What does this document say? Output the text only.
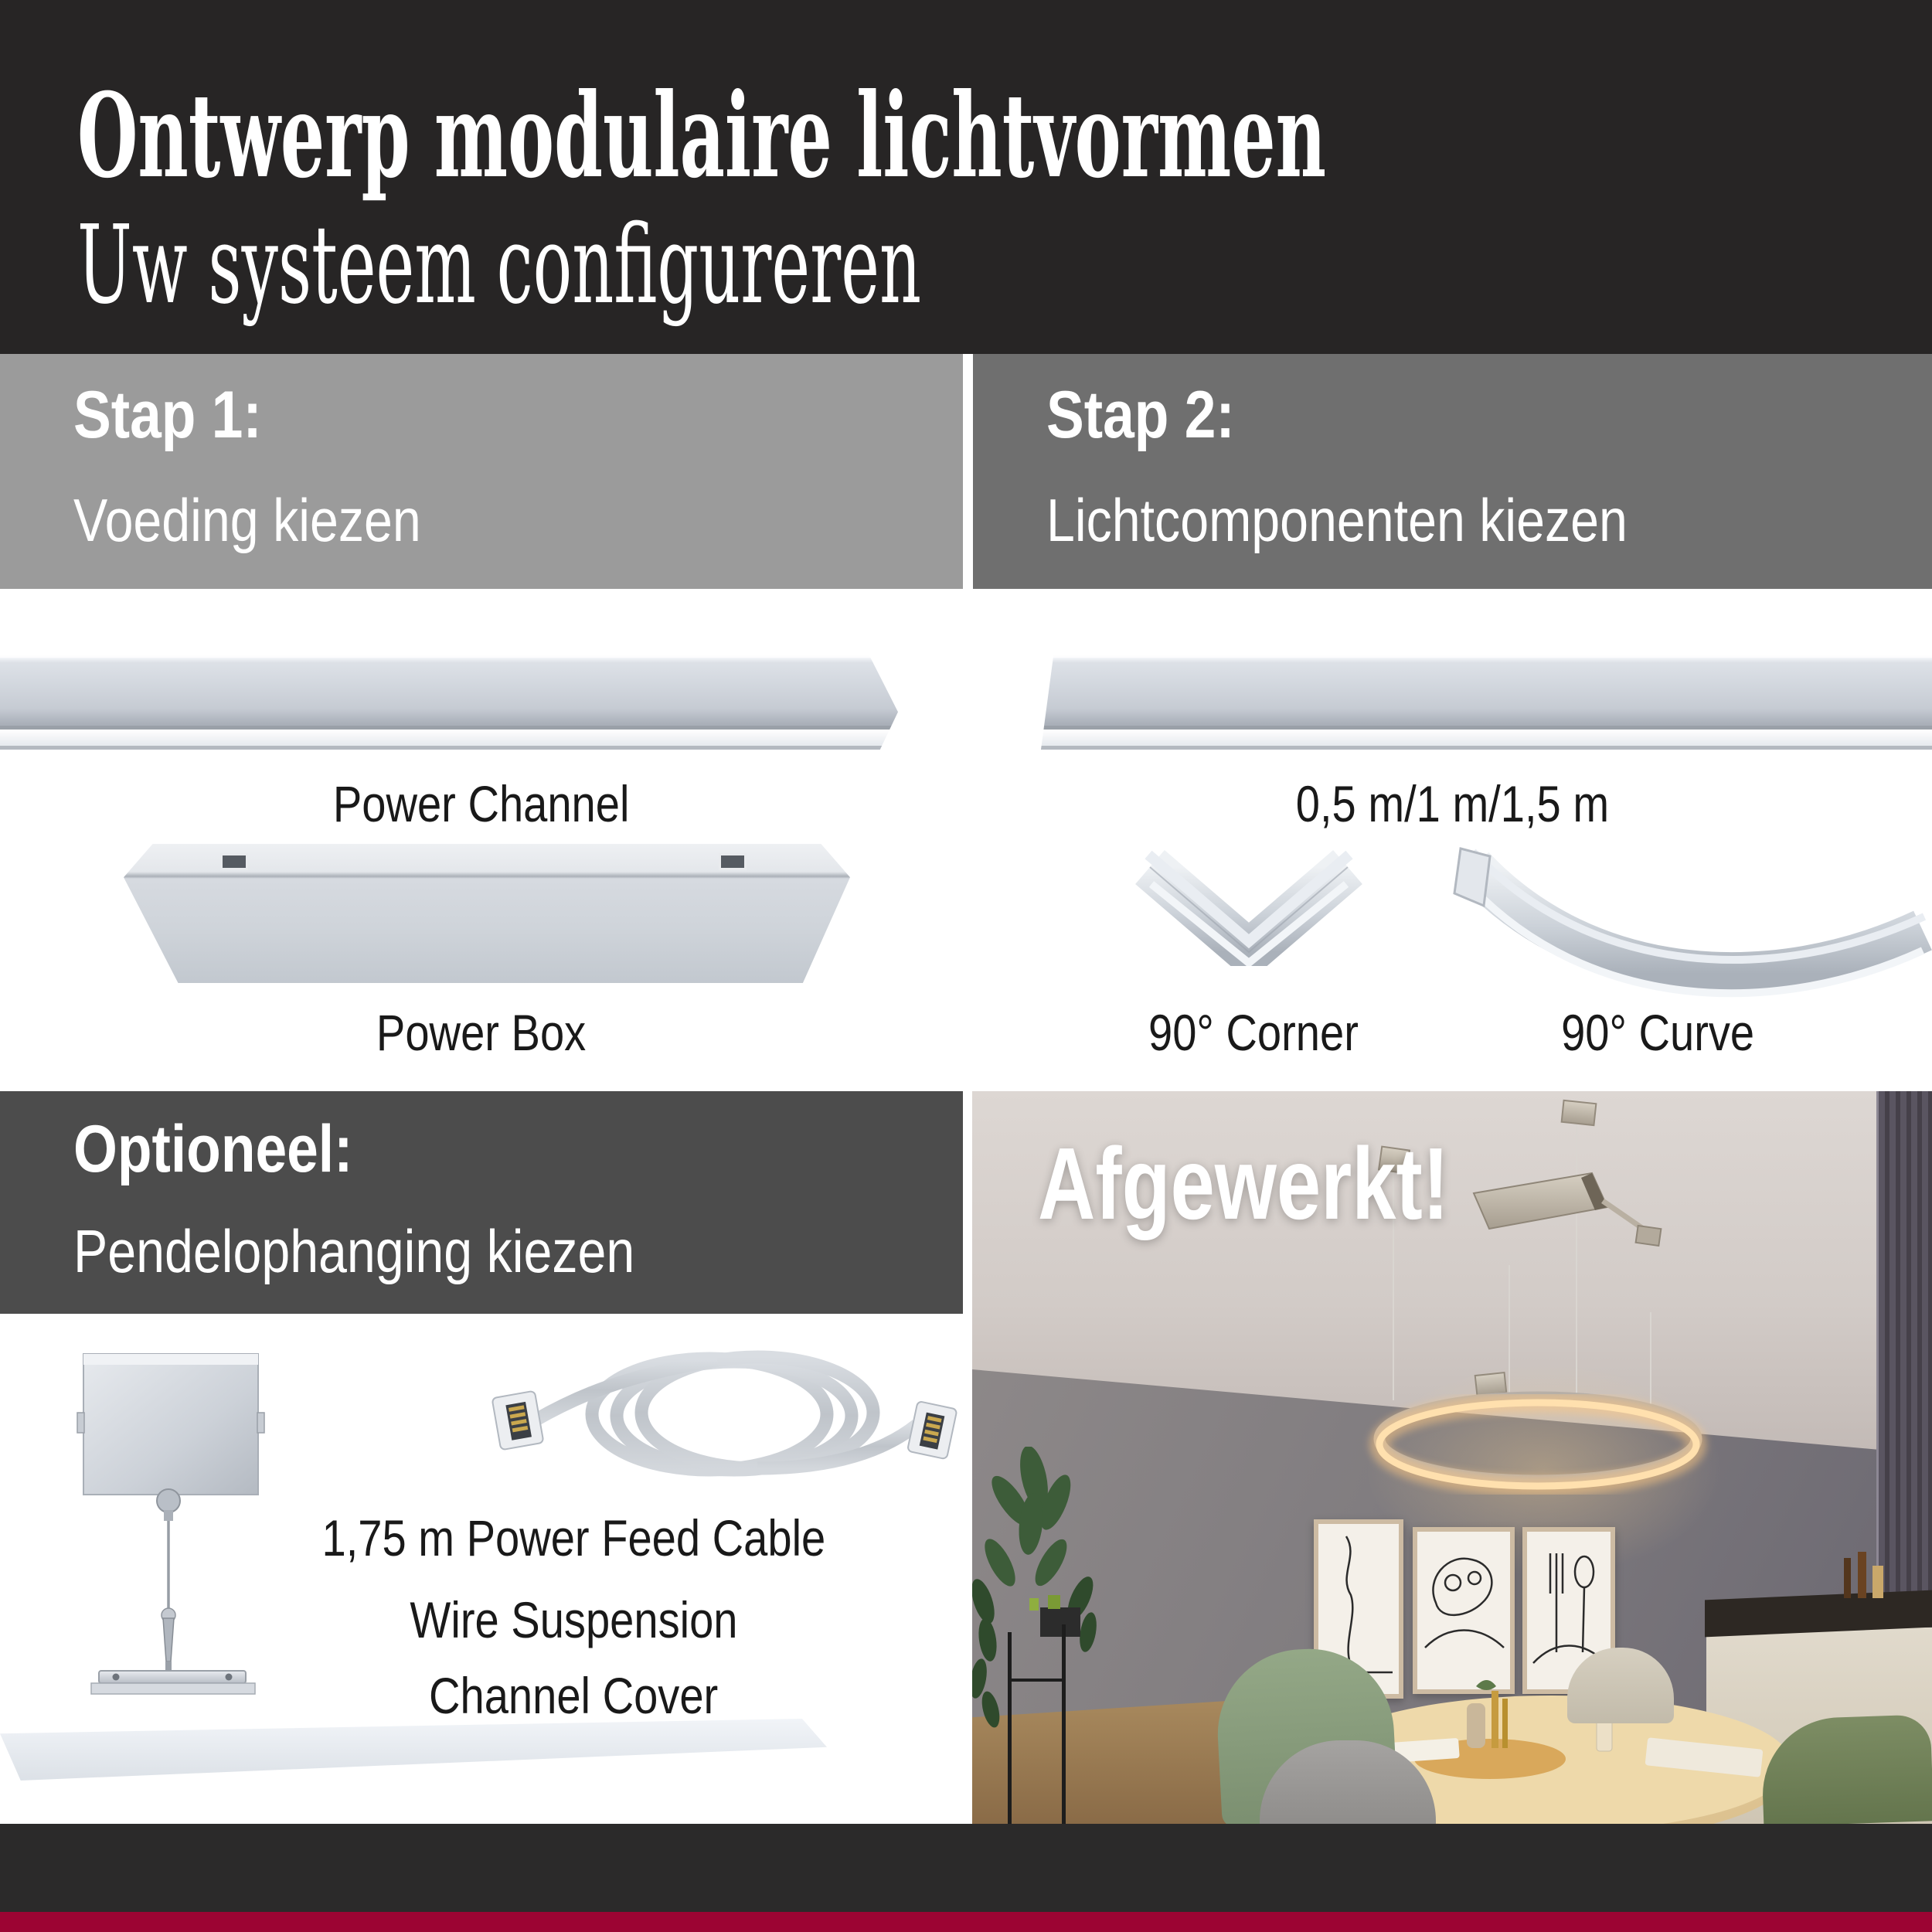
Ontwerp modulaire lichtvormen
Uw systeem configureren
Stap 1:
Voeding kiezen
Stap 2:
Lichtcomponenten kiezen
Power Channel
Power Box
0,5 m/1 m/1,5 m
90° Corner	90° Curve
Optioneel:
Pendelophanging kiezen
1,75 m Power Feed Cable
Wire Suspension
Channel Cover
Afgewerkt!
